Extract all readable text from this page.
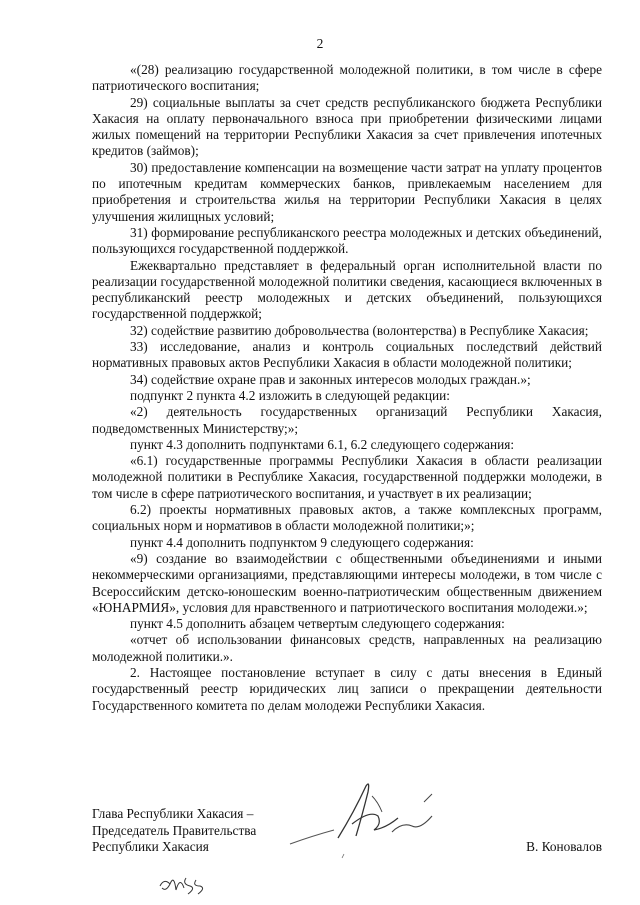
2

«(28) реализацию государственной молодежной политики, в том числе в сфере патриотического воспитания;

29) социальные выплаты за счет средств республиканского бюджета Республики Хакасия на оплату первоначального взноса при приобретении физическими лицами жилых помещений на территории Республики Хакасия за счет привлечения ипотечных кредитов (займов);

30) предоставление компенсации на возмещение части затрат на уплату процентов по ипотечным кредитам коммерческих банков, привлекаемым населением для приобретения и строительства жилья на территории Республики Хакасия в целях улучшения жилищных условий;

31) формирование республиканского реестра молодежных и детских объединений, пользующихся государственной поддержкой.

Ежеквартально представляет в федеральный орган исполнительной власти по реализации государственной молодежной политики сведения, касающиеся включенных в республиканский реестр молодежных и детских объединений, пользующихся государственной поддержкой;

32) содействие развитию добровольчества (волонтерства) в Республике Хакасия;

33) исследование, анализ и контроль социальных последствий действий нормативных правовых актов Республики Хакасия в области молодежной политики;

34) содействие охране прав и законных интересов молодых граждан.»;

подпункт 2 пункта 4.2 изложить в следующей редакции:

«2) деятельность государственных организаций Республики Хакасия, подведомственных Министерству;»;

пункт 4.3 дополнить подпунктами 6.1, 6.2 следующего содержания:

«6.1) государственные программы Республики Хакасия в области реализации молодежной политики в Республике Хакасия, государственной поддержки молодежи, в том числе в сфере патриотического воспитания, и участвует в их реализации;

6.2) проекты нормативных правовых актов, а также комплексных программ, социальных норм и нормативов в области молодежной политики;»;

пункт 4.4 дополнить подпунктом 9 следующего содержания:

«9) создание во взаимодействии с общественными объединениями и иными некоммерческими организациями, представляющими интересы молодежи, в том числе с Всероссийским детско-юношеским военно-патриотическим общественным движением «ЮНАРМИЯ», условия для нравственного и патриотического воспитания молодежи.»;

пункт 4.5 дополнить абзацем четвертым следующего содержания:

«отчет об использовании финансовых средств, направленных на реализацию молодежной политики.».

2. Настоящее постановление вступает в силу с даты внесения в Единый государственный реестр юридических лиц записи о прекращении деятельности Государственного комитета по делам молодежи Республики Хакасия.

Глава Республики Хакасия –
Председатель Правительства
Республики Хакасия	В. Коновалов
